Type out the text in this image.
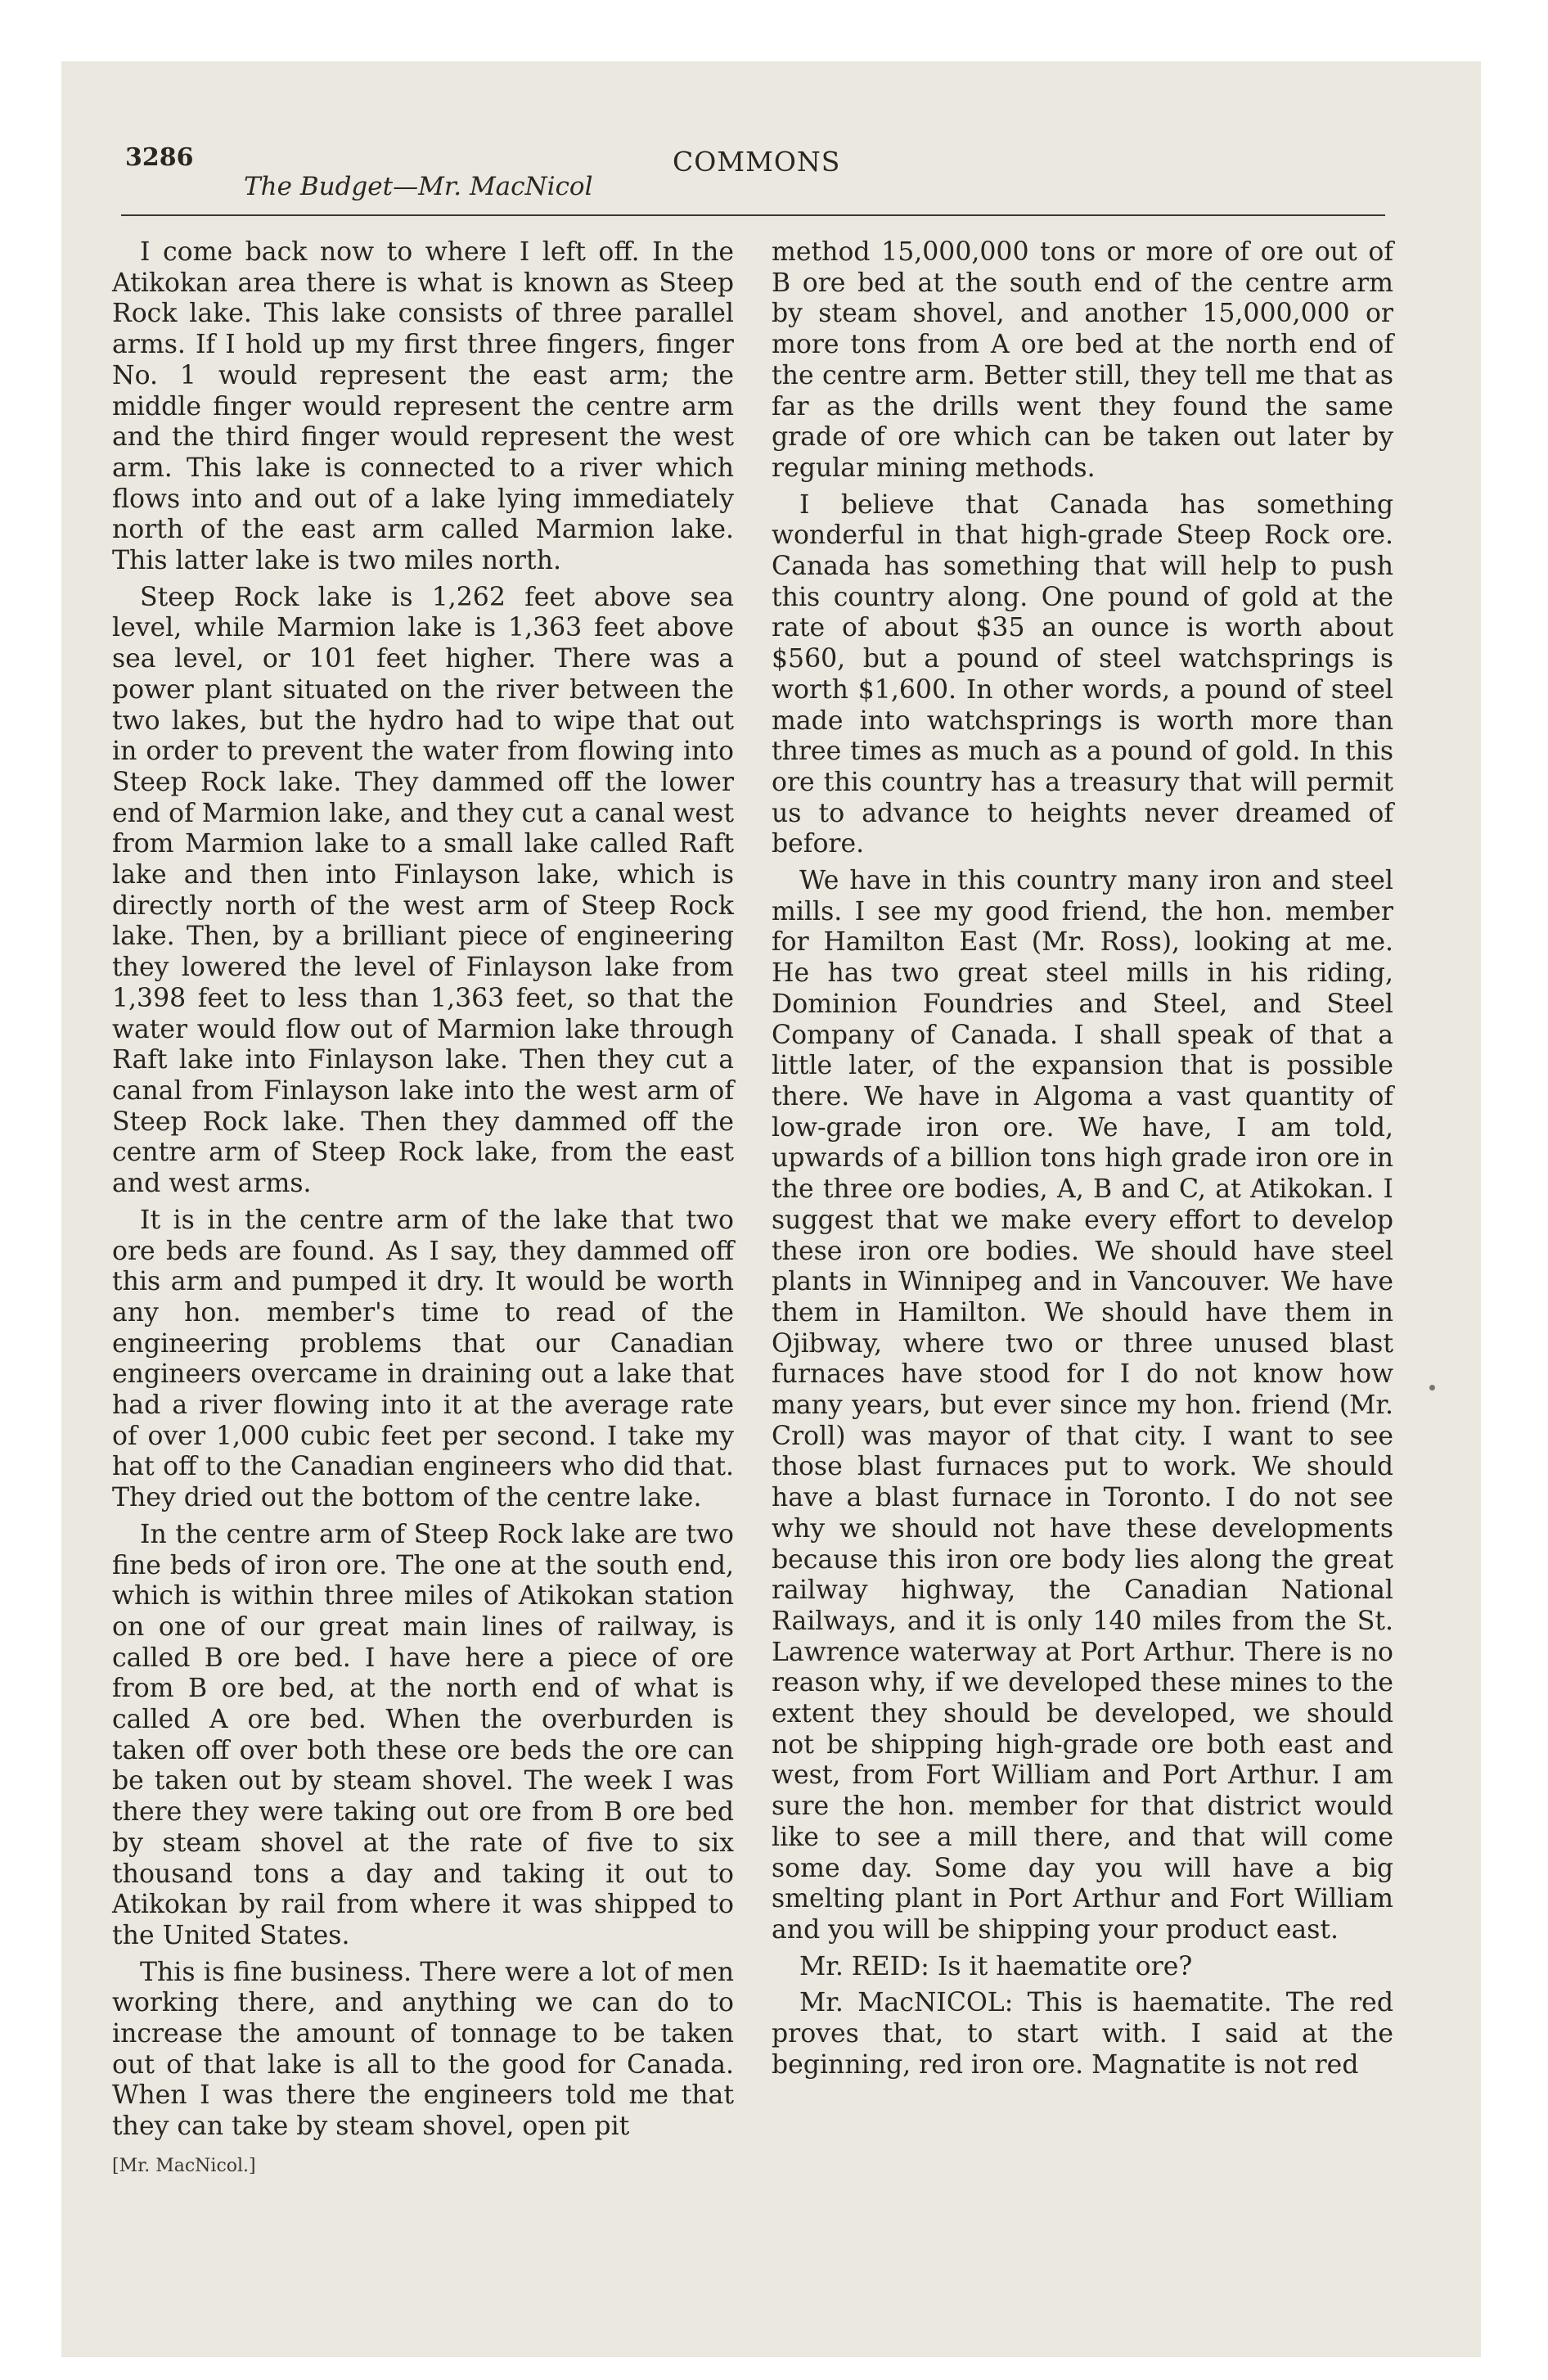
3286
The Budget—Mr. MacNicol
COMMONS

I come back now to where I left off. In the Atikokan area there is what is known as Steep Rock lake. This lake consists of three parallel arms. If I hold up my first three fingers, finger No. 1 would represent the east arm; the middle finger would represent the centre arm and the third finger would represent the west arm. This lake is connected to a river which flows into and out of a lake lying immediately north of the east arm called Marmion lake. This latter lake is two miles north.

Steep Rock lake is 1,262 feet above sea level, while Marmion lake is 1,363 feet above sea level, or 101 feet higher. There was a power plant situated on the river between the two lakes, but the hydro had to wipe that out in order to prevent the water from flowing into Steep Rock lake. They dammed off the lower end of Marmion lake, and they cut a canal west from Marmion lake to a small lake called Raft lake and then into Finlayson lake, which is directly north of the west arm of Steep Rock lake. Then, by a brilliant piece of engineering they lowered the level of Finlayson lake from 1,398 feet to less than 1,363 feet, so that the water would flow out of Marmion lake through Raft lake into Finlayson lake. Then they cut a canal from Finlayson lake into the west arm of Steep Rock lake. Then they dammed off the centre arm of Steep Rock lake, from the east and west arms.

It is in the centre arm of the lake that two ore beds are found. As I say, they dammed off this arm and pumped it dry. It would be worth any hon. member's time to read of the engineering problems that our Canadian engineers overcame in draining out a lake that had a river flowing into it at the average rate of over 1,000 cubic feet per second. I take my hat off to the Canadian engineers who did that. They dried out the bottom of the centre lake.

In the centre arm of Steep Rock lake are two fine beds of iron ore. The one at the south end, which is within three miles of Atikokan station on one of our great main lines of railway, is called B ore bed. I have here a piece of ore from B ore bed, at the north end of what is called A ore bed. When the overburden is taken off over both these ore beds the ore can be taken out by steam shovel. The week I was there they were taking out ore from B ore bed by steam shovel at the rate of five to six thousand tons a day and taking it out to Atikokan by rail from where it was shipped to the United States.

This is fine business. There were a lot of men working there, and anything we can do to increase the amount of tonnage to be taken out of that lake is all to the good for Canada. When I was there the engineers told me that they can take by steam shovel, open pit

[Mr. MacNicol.]

method 15,000,000 tons or more of ore out of B ore bed at the south end of the centre arm by steam shovel, and another 15,000,000 or more tons from A ore bed at the north end of the centre arm. Better still, they tell me that as far as the drills went they found the same grade of ore which can be taken out later by regular mining methods.

I believe that Canada has something wonderful in that high-grade Steep Rock ore. Canada has something that will help to push this country along. One pound of gold at the rate of about $35 an ounce is worth about $560, but a pound of steel watchsprings is worth $1,600. In other words, a pound of steel made into watchsprings is worth more than three times as much as a pound of gold. In this ore this country has a treasury that will permit us to advance to heights never dreamed of before.

We have in this country many iron and steel mills. I see my good friend, the hon. member for Hamilton East (Mr. Ross), looking at me. He has two great steel mills in his riding, Dominion Foundries and Steel, and Steel Company of Canada. I shall speak of that a little later, of the expansion that is possible there. We have in Algoma a vast quantity of low-grade iron ore. We have, I am told, upwards of a billion tons high grade iron ore in the three ore bodies, A, B and C, at Atikokan. I suggest that we make every effort to develop these iron ore bodies. We should have steel plants in Winnipeg and in Vancouver. We have them in Hamilton. We should have them in Ojibway, where two or three unused blast furnaces have stood for I do not know how many years, but ever since my hon. friend (Mr. Croll) was mayor of that city. I want to see those blast furnaces put to work. We should have a blast furnace in Toronto. I do not see why we should not have these developments because this iron ore body lies along the great railway highway, the Canadian National Railways, and it is only 140 miles from the St. Lawrence waterway at Port Arthur. There is no reason why, if we developed these mines to the extent they should be developed, we should not be shipping high-grade ore both east and west, from Fort William and Port Arthur. I am sure the hon. member for that district would like to see a mill there, and that will come some day. Some day you will have a big smelting plant in Port Arthur and Fort William and you will be shipping your product east.

Mr. REID: Is it haematite ore?

Mr. MacNICOL: This is haematite. The red proves that, to start with. I said at the beginning, red iron ore. Magnatite is not red
